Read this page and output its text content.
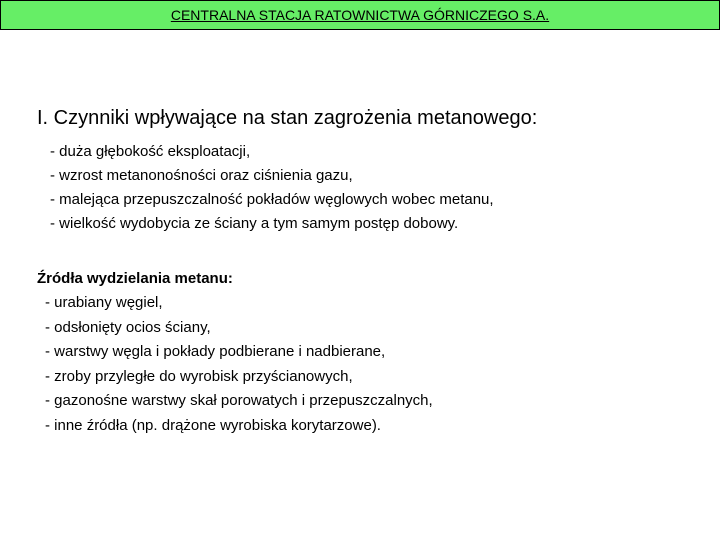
CENTRALNA STACJA RATOWNICTWA GÓRNICZEGO S.A.
I. Czynniki wpływające na stan zagrożenia metanowego:
- duża głębokość eksploatacji,
- wzrost metanonośności oraz ciśnienia gazu,
- malejąca przepuszczalność pokładów węglowych wobec metanu,
- wielkość wydobycia ze ściany a tym samym postęp dobowy.
Źródła wydzielania metanu:
- urabiany węgiel,
- odsłonięty ocios ściany,
- warstwy węgla i pokłady podbierane i nadbierane,
- zroby przyległe do wyrobisk przyścianowych,
- gazonośne warstwy skał porowatych i przepuszczalnych,
- inne źródła (np. drążone wyrobiska korytarzowe).
